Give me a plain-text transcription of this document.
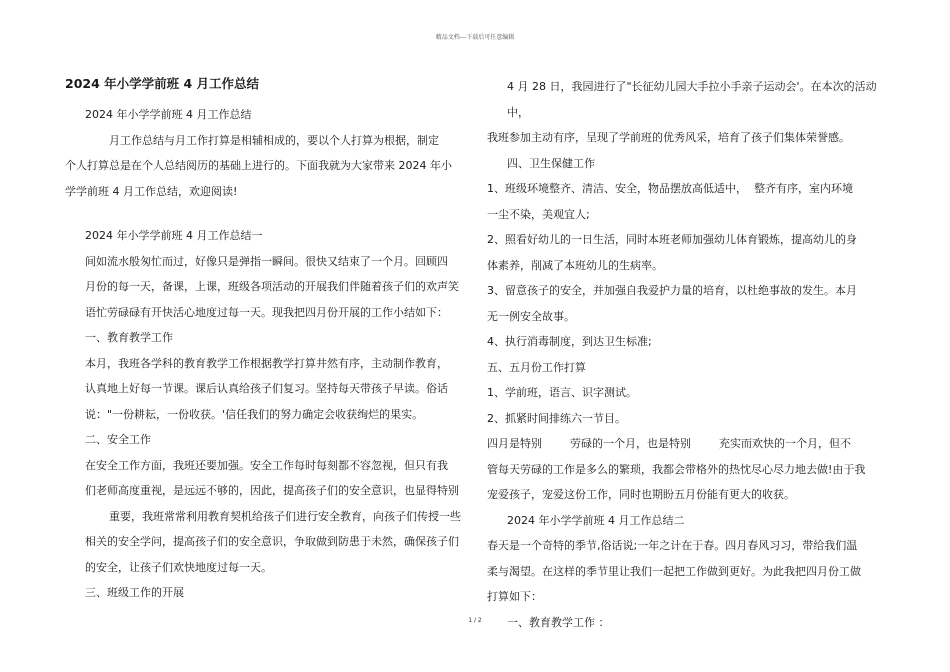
精品文档---下载后可任意编辑
2024 年小学学前班 4 月工作总结

2024 年小学学前班 4 月工作总结

月工作总结与月工作打算是相辅相成的，要以个人打算为根据，制定

个人打算总是在个人总结阅历的基础上进行的。下面我就为大家带来 2024 年小

学学前班 4 月工作总结，欢迎阅读!

2024 年小学学前班 4 月工作总结一

间如流水般匆忙而过，好像只是弹指一瞬间。很快又结束了一个月。回顾四

月份的每一天，备课，上课，班级各项活动的开展我们伴随着孩子们的欢声笑

语忙劳碌碌有开快活心地度过每一天。现我把四月份开展的工作小结如下：

一、教育教学工作

本月，我班各学科的教育教学工作根据教学打算井然有序，主动制作教育，

认真地上好每一节课。课后认真给孩子们复习。坚持每天带孩子早读。俗话

说："一份耕耘，一份收获。'信任我们的努力确定会收获绚烂的果实。

二、安全工作

在安全工作方面，我班还要加强。安全工作每时每刻都不容忽视，但只有我

们老师高度重视，是远远不够的，因此，提高孩子们的安全意识，也显得特别

重要，我班常常利用教育契机给孩子们进行安全教育，向孩子们传授一些

相关的安全学问，提高孩子们的安全意识，争取做到防患于未然，确保孩子们

的安全，让孩子们欢快地度过每一天。

三、班级工作的开展

4 月 28 日，我园进行了"长征幼儿园大手拉小手亲子运动会'。在本次的活动中，

我班参加主动有序，呈现了学前班的优秀风采，培育了孩子们集体荣誉感。

四、卫生保健工作

1、班级环境整齐、清洁、安全，物品摆放高低适中，  整齐有序，室内环境

一尘不染，美观宜人;

2、照看好幼儿的一日生活，同时本班老师加强幼儿体育锻炼，提高幼儿的身

体素养，削减了本班幼儿的生病率。

3、留意孩子的安全，并加强自我爱护力量的培育，以杜绝事故的发生。本月

无一例安全故事。

4、执行消毒制度，到达卫生标准;

五、五月份工作打算

1、学前班，语言、识字测试。

2、抓紧时间排练六一节目。

四月是特别        劳碌的一个月，也是特别        充实而欢快的一个月，但不

管每天劳碌的工作是多么的繁琐，我都会带格外的热忱尽心尽力地去做!由于我

宠爱孩子，宠爱这份工作，同时也期盼五月份能有更大的收获。

2024 年小学学前班 4 月工作总结二

春天是一个奇特的季节,俗话说;一年之计在于春。四月春风习习，带给我们温

柔与渴望。在这样的季节里让我们一起把工作做到更好。为此我把四月份工做

打算如下：

一、教育教学工作 ：

1 / 2
